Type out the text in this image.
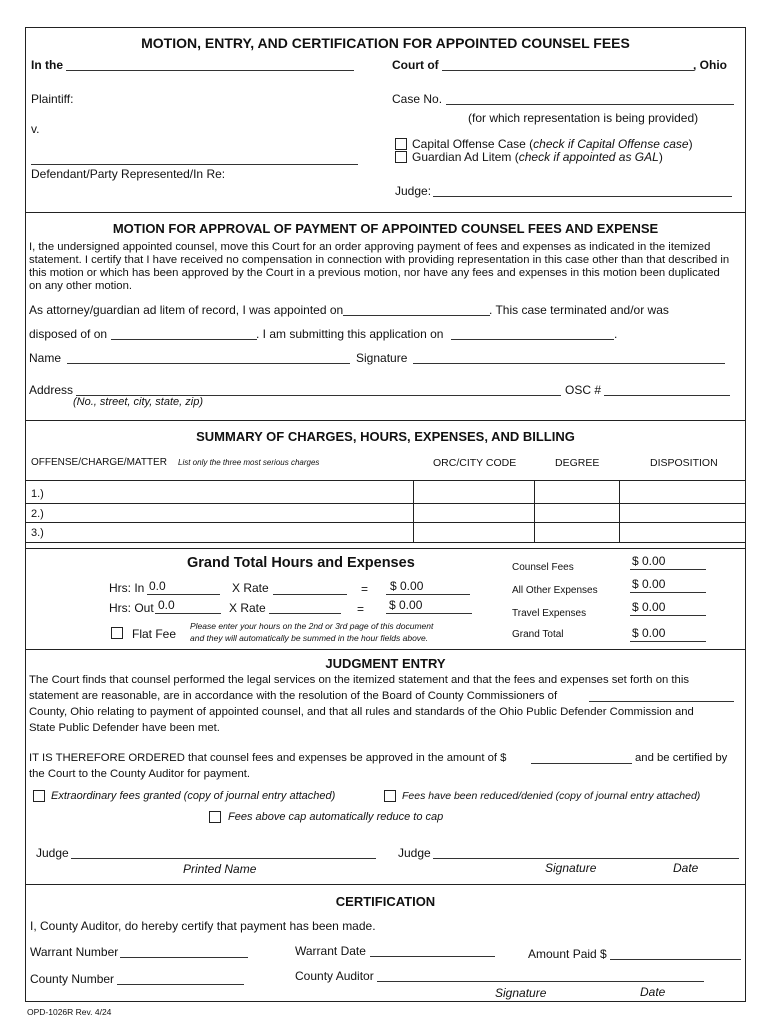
MOTION, ENTRY, AND CERTIFICATION FOR APPOINTED COUNSEL FEES
In the	Court of	, Ohio
Plaintiff:	Case No.
(for which representation is being provided)
v.
Capital Offense Case (check if Capital Offense case)
Guardian Ad Litem (check if appointed as GAL)
Defendant/Party Represented/In Re:
Judge:
MOTION FOR APPROVAL OF PAYMENT OF APPOINTED COUNSEL FEES AND EXPENSE
I, the undersigned appointed counsel, move this Court for an order approving payment of fees and expenses as indicated in the itemized statement. I certify that I have received no compensation in connection with providing representation in this case other than that described in this motion or which has been approved by the Court in a previous motion, nor have any fees and expenses in this motion been duplicated on any other motion.
As attorney/guardian ad litem of record, I was appointed on	. This case terminated and/or was
disposed of on	. I am submitting this application on	.
Name	Signature
Address	OSC #
(No., street, city, state, zip)
SUMMARY OF CHARGES, HOURS, EXPENSES, AND BILLING
OFFENSE/CHARGE/MATTER List only the three most serious charges	ORC/CITY CODE	DEGREE	DISPOSITION
1.)
2.)
3.)
Grand Total Hours and Expenses
Hrs: In 0.0	X Rate	= $ 0.00
Hrs: Out 0.0	X Rate	= $ 0.00
Flat Fee
Please enter your hours on the 2nd or 3rd page of this document
and they will automatically be summed in the hour fields above.
Counsel Fees	$ 0.00
All Other Expenses	$ 0.00
Travel Expenses	$ 0.00
Grand Total	$ 0.00
JUDGMENT ENTRY
The Court finds that counsel performed the legal services on the itemized statement and that the fees and expenses set forth on this
statement are reasonable, are in accordance with the resolution of the Board of County Commissioners of
County, Ohio relating to payment of appointed counsel, and that all rules and standards of the Ohio Public Defender Commission and
State Public Defender have been met.
IT IS THEREFORE ORDERED that counsel fees and expenses be approved in the amount of $	and be certified by
the Court to the County Auditor for payment.
Extraordinary fees granted (copy of journal entry attached)	Fees have been reduced/denied (copy of journal entry attached)
Fees above cap automatically reduce to cap
Judge	Judge
Printed Name	Signature	Date
CERTIFICATION
I, County Auditor, do hereby certify that payment has been made.
Warrant Number	Warrant Date	Amount Paid $
County Number	County Auditor
Signature	Date
OPD-1026R Rev. 4/24
